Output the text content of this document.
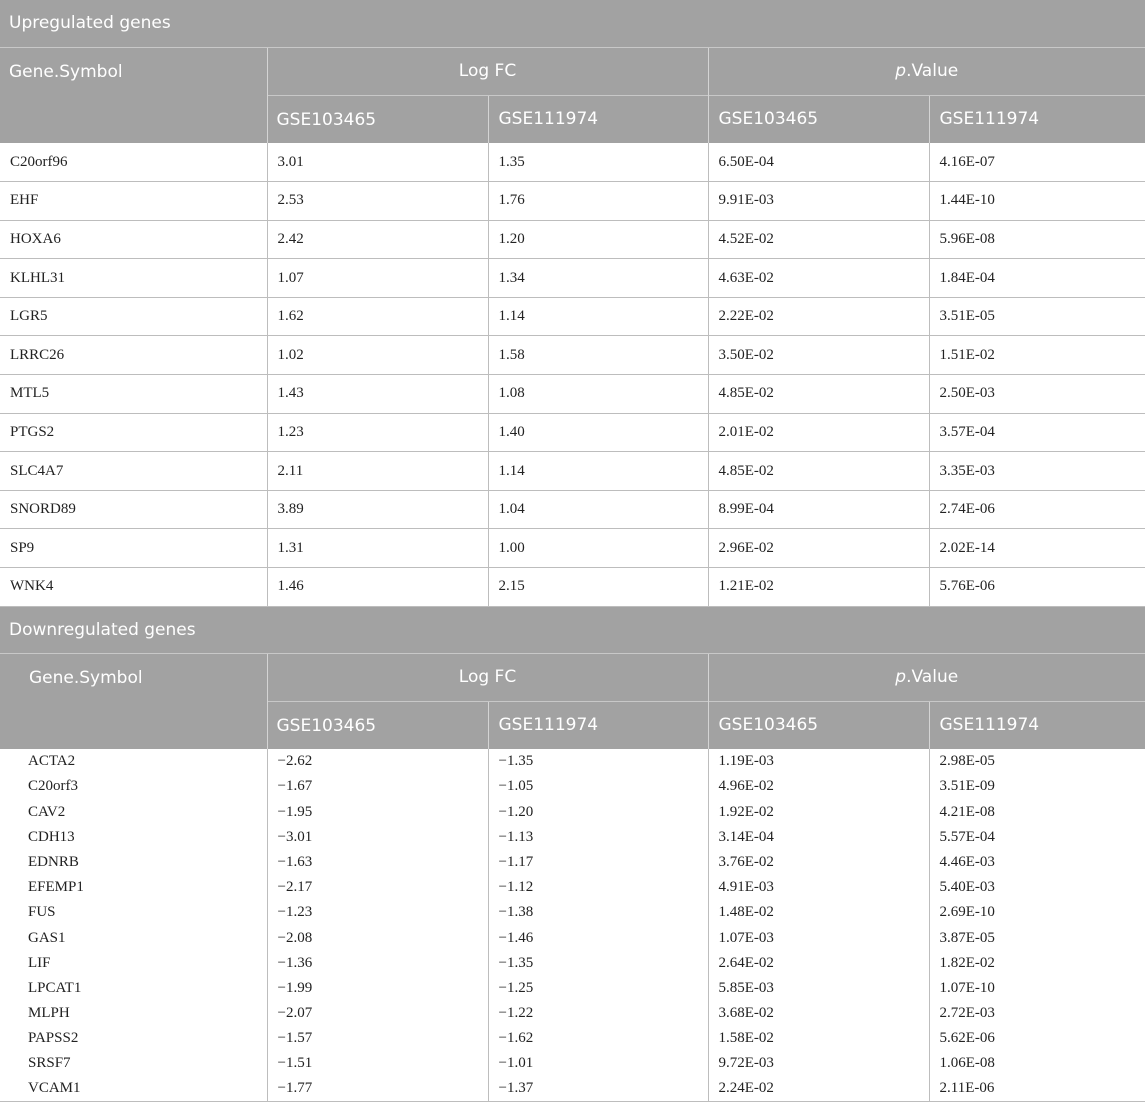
Upregulated genes				
Gene.Symbol	Log FC		p.Value	
	GSE103465	GSE111974	GSE103465	GSE111974
C20orf96	3.01	1.35	6.50E-04	4.16E-07
EHF	2.53	1.76	9.91E-03	1.44E-10
HOXA6	2.42	1.20	4.52E-02	5.96E-08
KLHL31	1.07	1.34	4.63E-02	1.84E-04
LGR5	1.62	1.14	2.22E-02	3.51E-05
LRRC26	1.02	1.58	3.50E-02	1.51E-02
MTL5	1.43	1.08	4.85E-02	2.50E-03
PTGS2	1.23	1.40	2.01E-02	3.57E-04
SLC4A7	2.11	1.14	4.85E-02	3.35E-03
SNORD89	3.89	1.04	8.99E-04	2.74E-06
SP9	1.31	1.00	2.96E-02	2.02E-14
WNK4	1.46	2.15	1.21E-02	5.76E-06
Downregulated genes				
Gene.Symbol	Log FC		p.Value	
	GSE103465	GSE111974	GSE103465	GSE111974
ACTA2	−2.62	−1.35	1.19E-03	2.98E-05
C20orf3	−1.67	−1.05	4.96E-02	3.51E-09
CAV2	−1.95	−1.20	1.92E-02	4.21E-08
CDH13	−3.01	−1.13	3.14E-04	5.57E-04
EDNRB	−1.63	−1.17	3.76E-02	4.46E-03
EFEMP1	−2.17	−1.12	4.91E-03	5.40E-03
FUS	−1.23	−1.38	1.48E-02	2.69E-10
GAS1	−2.08	−1.46	1.07E-03	3.87E-05
LIF	−1.36	−1.35	2.64E-02	1.82E-02
LPCAT1	−1.99	−1.25	5.85E-03	1.07E-10
MLPH	−2.07	−1.22	3.68E-02	2.72E-03
PAPSS2	−1.57	−1.62	1.58E-02	5.62E-06
SRSF7	−1.51	−1.01	9.72E-03	1.06E-08
VCAM1	−1.77	−1.37	2.24E-02	2.11E-06
